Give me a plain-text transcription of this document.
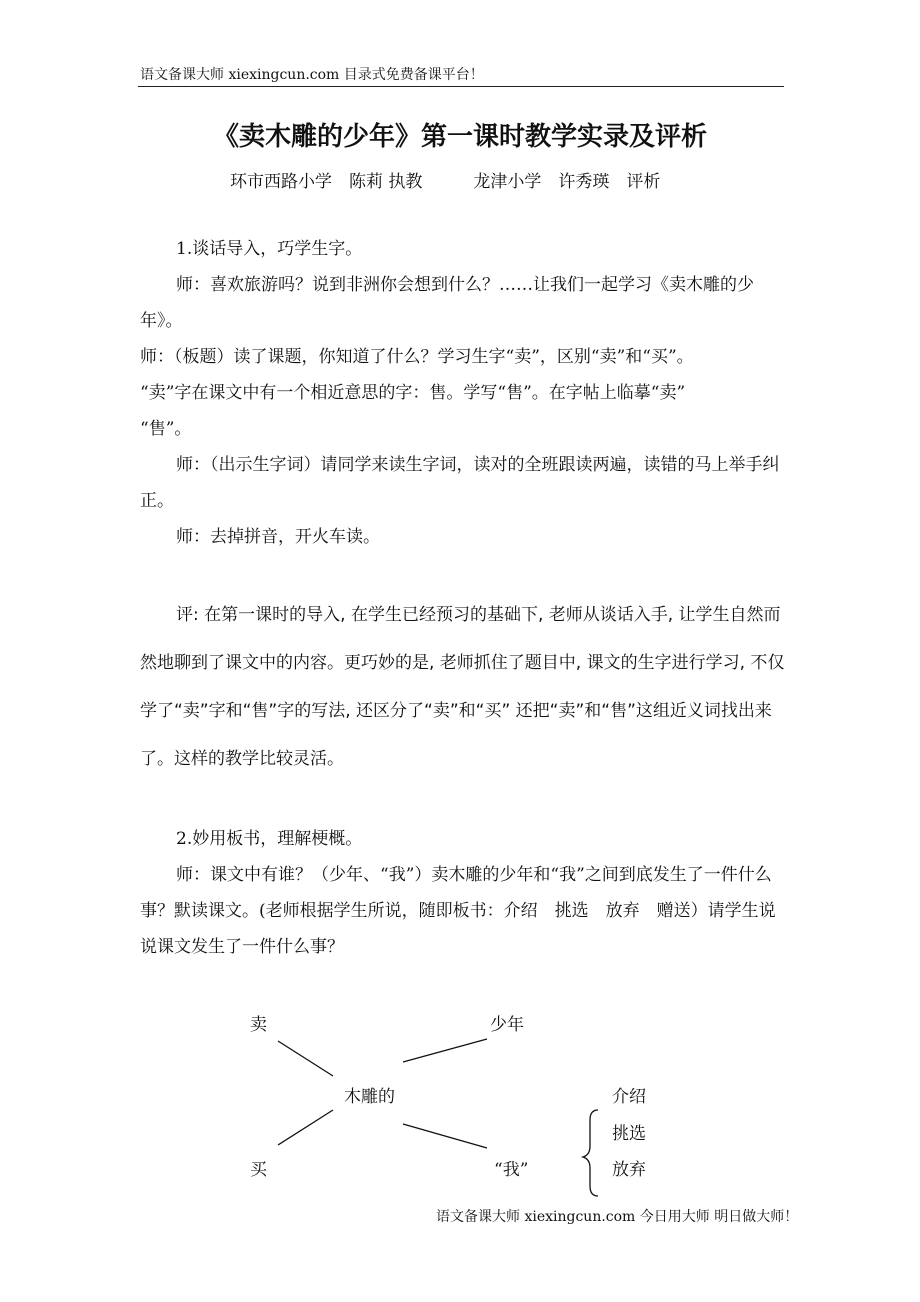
语文备课大师 xiexingcun.com 目录式免费备课平台！
《卖木雕的少年》第一课时教学实录及评析
环市西路小学　陈莉 执教　　　龙津小学　许秀瑛　评析
1.谈话导入，巧学生字。
师：喜欢旅游吗？说到非洲你会想到什么？……让我们一起学习《卖木雕的少年》。
师：（板题）读了课题，你知道了什么？学习生字“卖”，区别“卖”和“买”。
“卖”字在课文中有一个相近意思的字：售。学写“售”。在字帖上临摹“卖”
“售”。
师：（出示生字词）请同学来读生字词，读对的全班跟读两遍，读错的马上举手纠正。
师：去掉拼音，开火车读。
评: 在第一课时的导入, 在学生已经预习的基础下, 老师从谈话入手, 让学生自然而然地聊到了课文中的内容。更巧妙的是, 老师抓住了题目中, 课文的生字进行学习, 不仅学了“卖”字和“售”字的写法, 还区分了“卖”和“买” 还把“卖”和“售”这组近义词找出来了。这样的教学比较灵活。
2.妙用板书，理解梗概。
师：课文中有谁？（少年、“我”）卖木雕的少年和“我”之间到底发生了一件什么事？默读课文。(老师根据学生所说，随即板书：介绍　挑选　放弃　赠送）请学生说说课文发生了一件什么事？
卖	少年
木雕的
买	“我”
介绍
挑选
放弃
语文备课大师 xiexingcun.com 今日用大师 明日做大师！
